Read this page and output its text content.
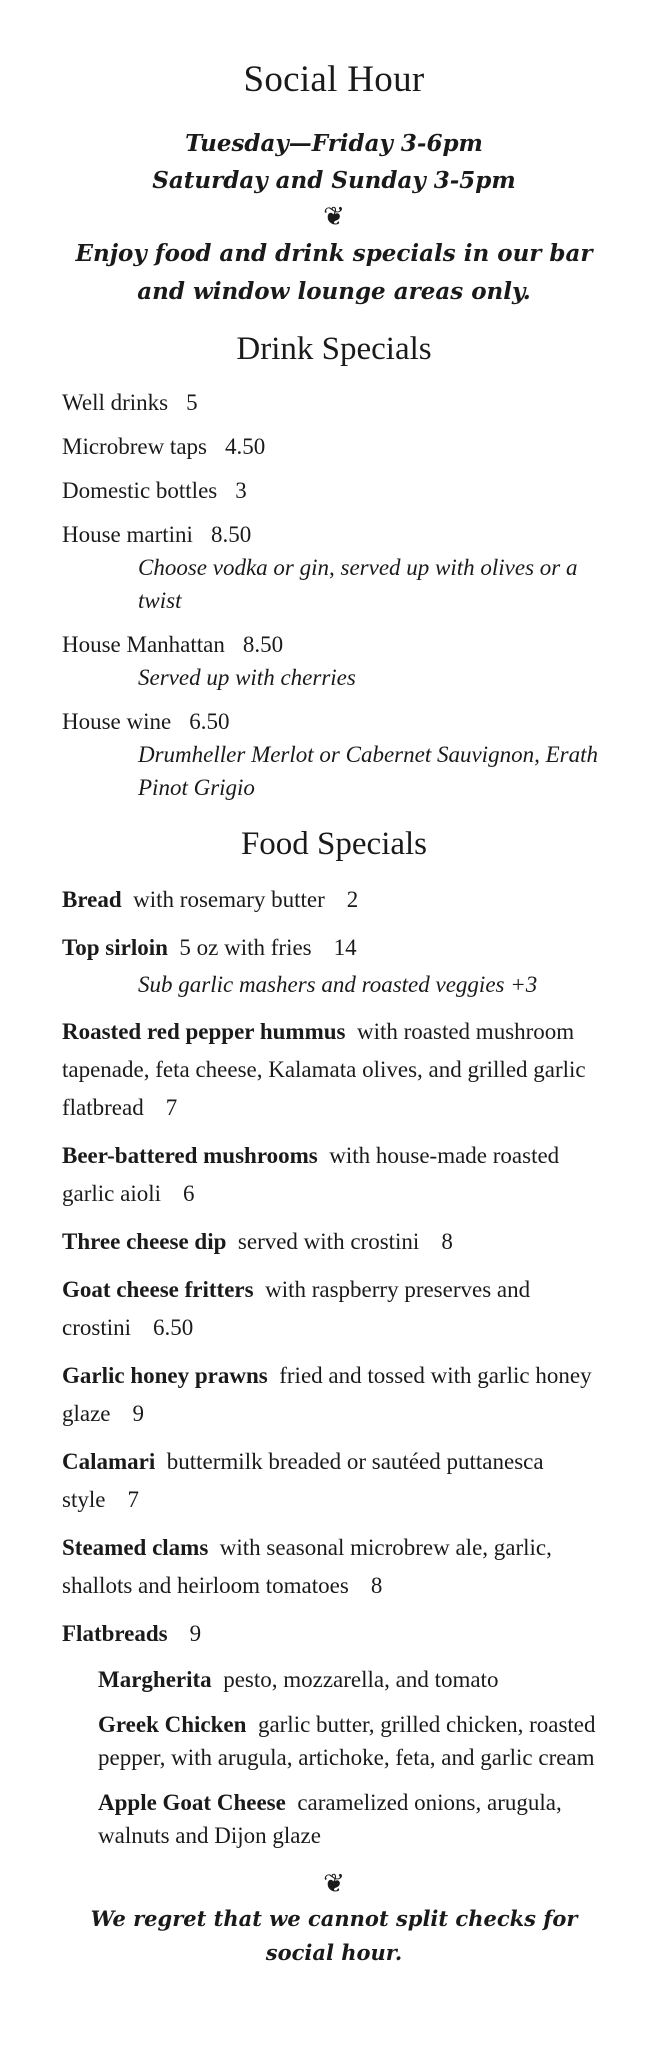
Social Hour
Tuesday—Friday 3-6pm
Saturday and Sunday 3-5pm
❦
Enjoy food and drink specials in our bar
and window lounge areas only.
Drink Specials
Well drinks 5
Microbrew taps 4.50
Domestic bottles 3
House martini 8.50
Choose vodka or gin, served up with olives or a twist
House Manhattan 8.50
Served up with cherries
House wine 6.50
Drumheller Merlot or Cabernet Sauvignon, Erath Pinot Grigio
Food Specials
Bread with rosemary butter 2
Top sirloin 5 oz with fries 14
Sub garlic mashers and roasted veggies +3
Roasted red pepper hummus with roasted mushroom tapenade, feta cheese, Kalamata olives, and grilled garlic flatbread 7
Beer-battered mushrooms with house-made roasted garlic aioli 6
Three cheese dip served with crostini 8
Goat cheese fritters with raspberry preserves and crostini 6.50
Garlic honey prawns fried and tossed with garlic honey glaze 9
Calamari buttermilk breaded or sautéed puttanesca style 7
Steamed clams with seasonal microbrew ale, garlic, shallots and heirloom tomatoes 8
Flatbreads 9
Margherita pesto, mozzarella, and tomato
Greek Chicken garlic butter, grilled chicken, roasted pepper, with arugula, artichoke, feta, and garlic cream
Apple Goat Cheese caramelized onions, arugula, walnuts and Dijon glaze
❦
We regret that we cannot split checks for social hour.
